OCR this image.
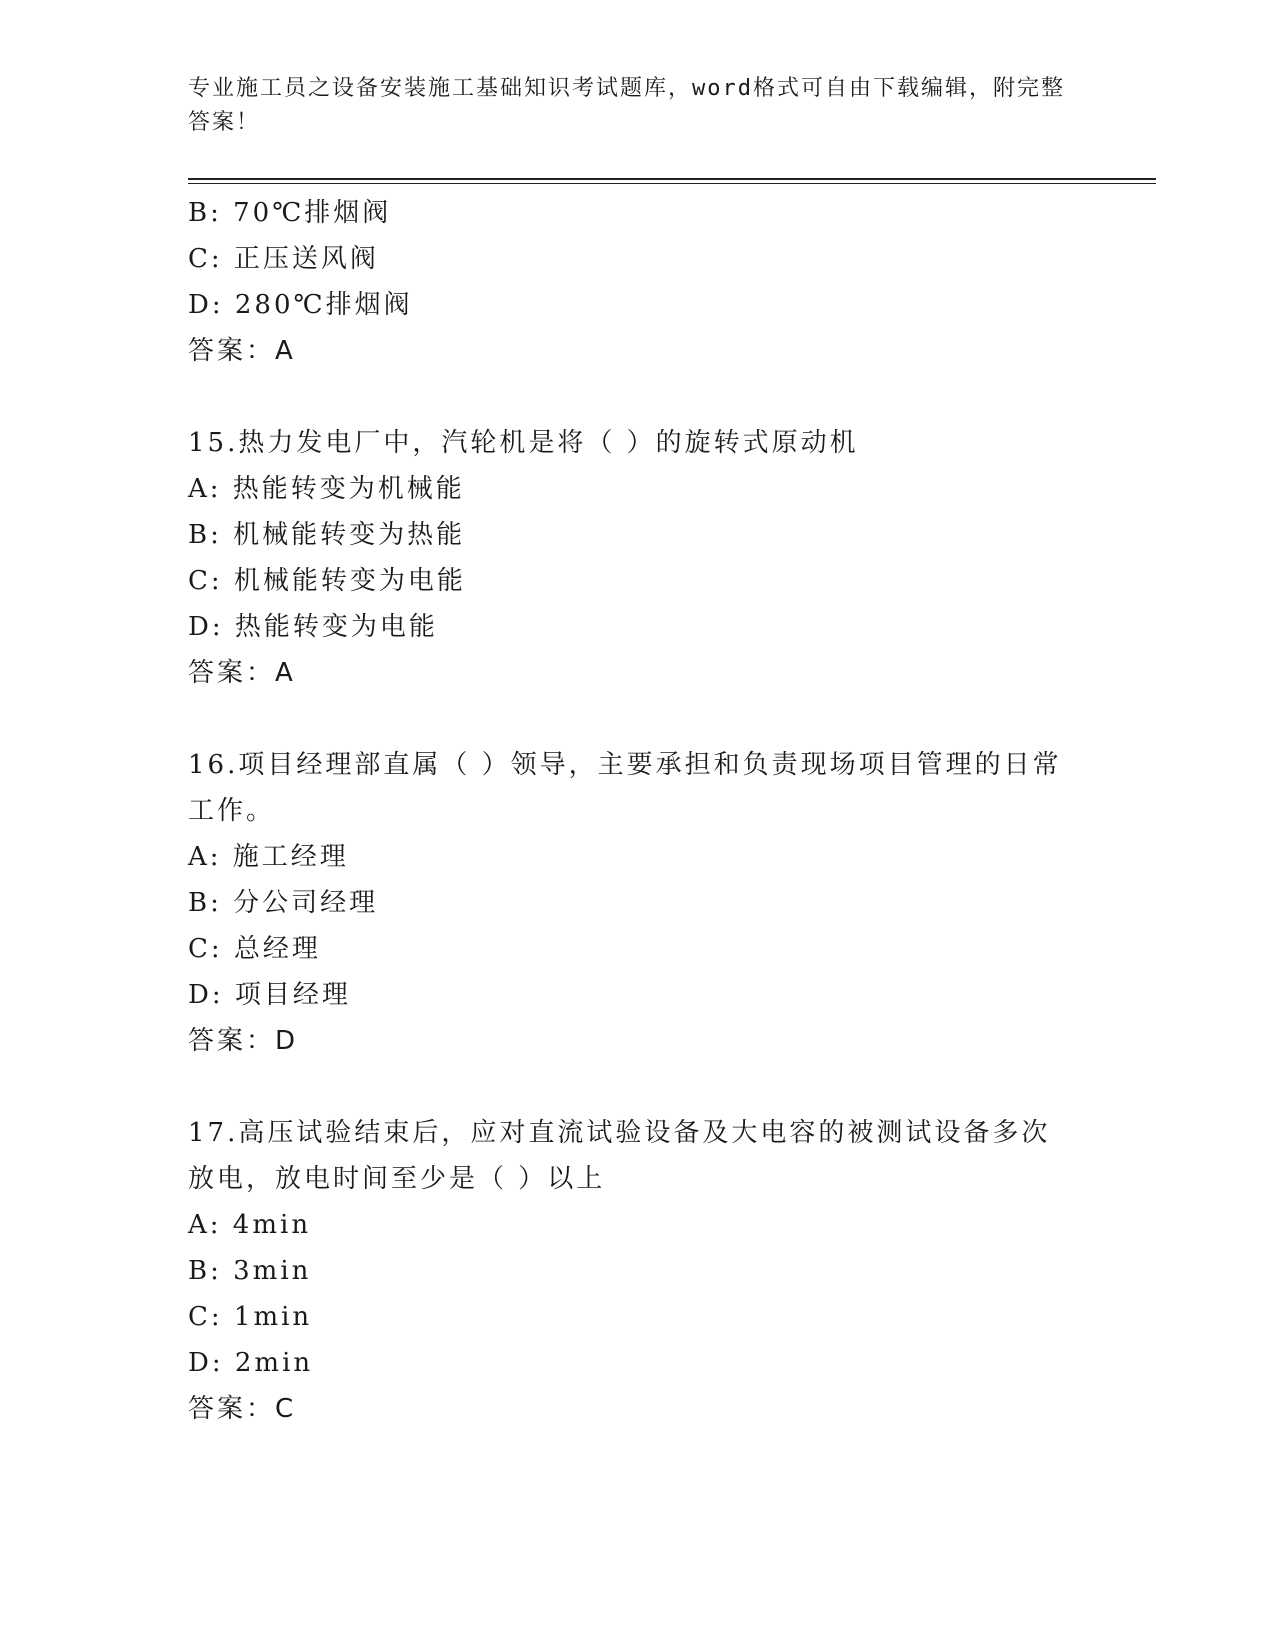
专业施工员之设备安装施工基础知识考试题库，word格式可自由下载编辑，附完整答案！
B: 70℃排烟阀
C: 正压送风阀
D: 280℃排烟阀
答案：A
15.热力发电厂中，汽轮机是将（ ）的旋转式原动机
A: 热能转变为机械能
B: 机械能转变为热能
C: 机械能转变为电能
D: 热能转变为电能
答案：A
16.项目经理部直属（ ）领导，主要承担和负责现场项目管理的日常工作。
A: 施工经理
B: 分公司经理
C: 总经理
D: 项目经理
答案：D
17.高压试验结束后，应对直流试验设备及大电容的被测试设备多次放电，放电时间至少是（ ）以上
A: 4min
B: 3min
C: 1min
D: 2min
答案：C
